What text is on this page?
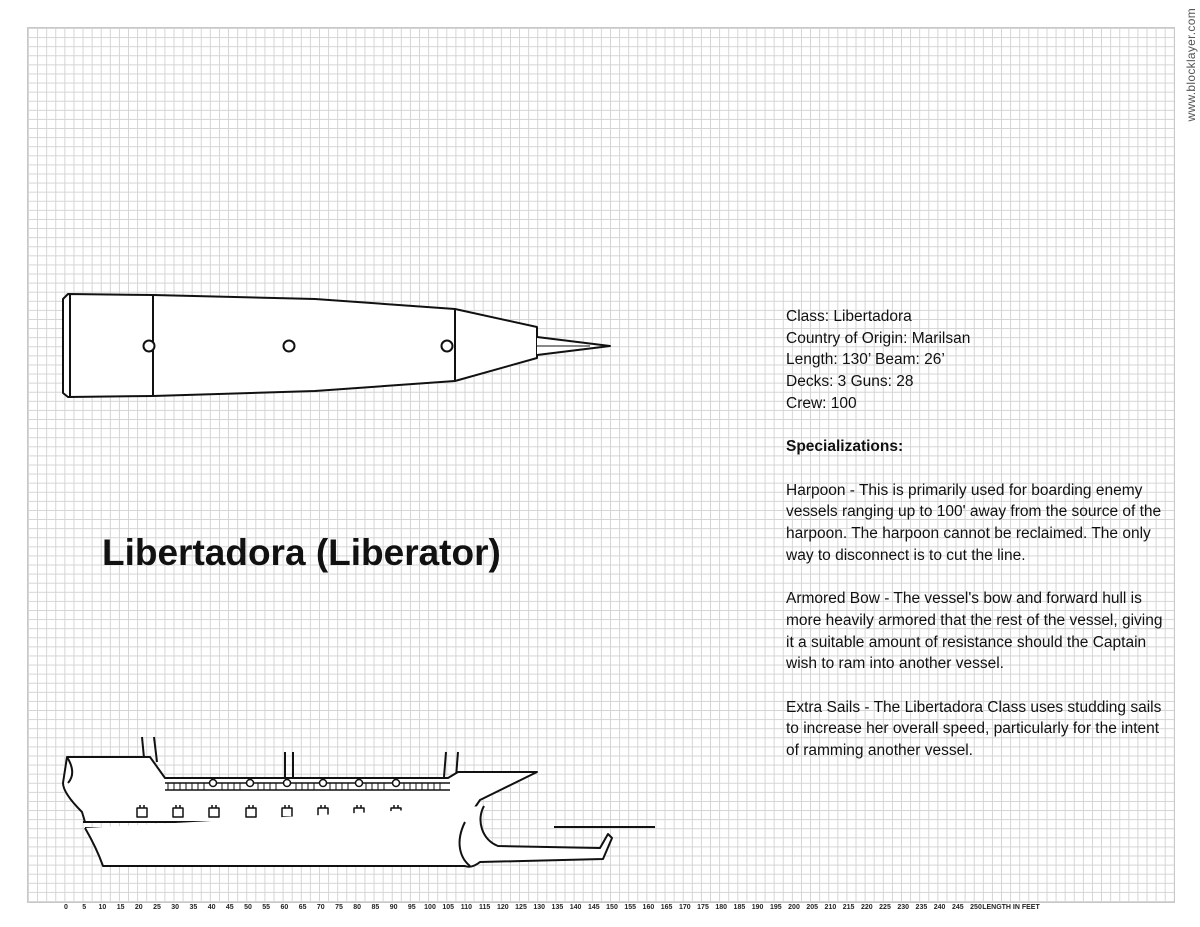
www.blocklayer.com
Libertadora (Liberator)
Class: Libertadora
Country of Origin: Marilsan
Length: 130’ Beam: 26’
Decks: 3 Guns: 28
Crew: 100
Specializations:
Harpoon - This is primarily used for boarding enemy vessels ranging up to 100' away from the source of the harpoon. The harpoon cannot be reclaimed. The only way to disconnect is to cut the line.
Armored Bow - The vessel's bow and forward hull is more heavily armored that the rest of the vessel, giving it a suitable amount of resistance should the Captain wish to ram into another vessel.
Extra Sails - The Libertadora Class uses studding sails to increase her overall speed, particularly for the intent of ramming another vessel.
0 5 10 15 20 25 30 35 40 45 50 55 60 65 70 75 80 85 90 95 100 105 110 115 120 125 130 135 140 145 150 155 160 165 170 175 180 185 190 195 200 205 210 215 220 225 230 235 240 245 250 LENGTH IN FEET
